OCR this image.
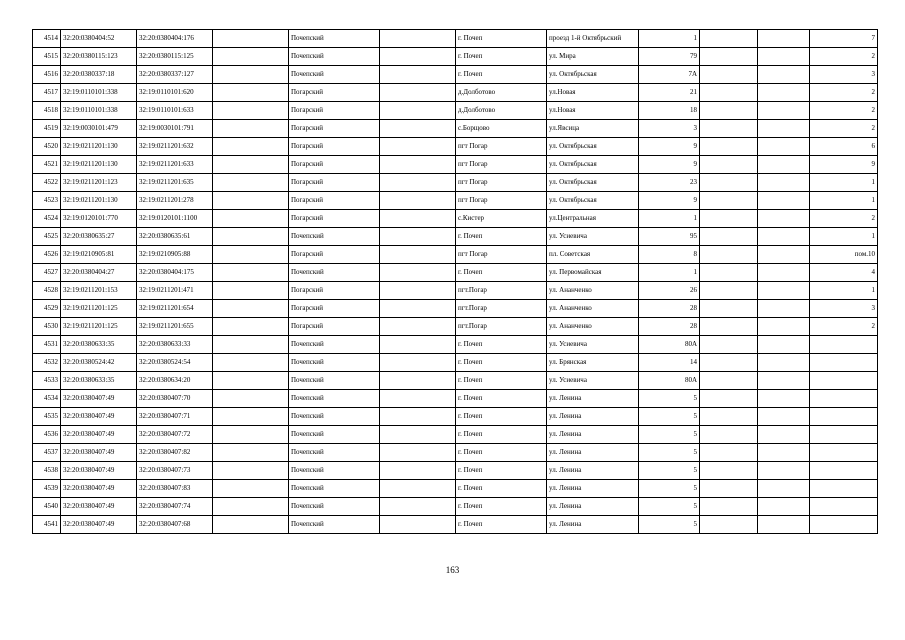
4514	32:20:0380404:52	32:20:0380404:176		Почепский		г. Почеп	проезд 1-й Октябрьский	1			7
4515	32:20:0380115:123	32:20:0380115:125		Почепский		г. Почеп	ул. Мира	79			2
4516	32:20:0380337:18	32:20:0380337:127		Почепский		г. Почеп	ул. Октябрьская	7А			3
4517	32:19:0110101:338	32:19:0110101:620		Погарский		д.Долботово	ул.Новая	21			2
4518	32:19:0110101:338	32:19:0110101:633		Погарский		д.Долботово	ул.Новая	18			2
4519	32:19:0030101:479	32:19:0030101:791		Погарский		с.Борщово	ул.Явсица	3			2
4520	32:19:0211201:130	32:19:0211201:632		Погарский		пгт Погар	ул. Октябрьская	9			6
4521	32:19:0211201:130	32:19:0211201:633		Погарский		пгт Погар	ул. Октябрьская	9			9
4522	32:19:0211201:123	32:19:0211201:635		Погарский		пгт Погар	ул. Октябрьская	23			1
4523	32:19:0211201:130	32:19:0211201:278		Погарский		пгт Погар	ул. Октябрьская	9			1
4524	32:19:0120101:770	32:19:0120101:1100		Погарский		с.Кистер	ул.Центральная	1			2
4525	32:20:0380635:27	32:20:0380635:61		Почепский		г. Почеп	ул. Усиевича	95			1
4526	32:19:0210905:81	32:19:0210905:88		Погарский		пгт Погар	пл. Советская	8			пом.10
4527	32:20:0380404:27	32:20:0380404:175		Почепский		г. Почеп	ул. Первомайская	1			4
4528	32:19:0211201:153	32:19:0211201:471		Погарский		пгт.Погар	ул. Ананченко	26			1
4529	32:19:0211201:125	32:19:0211201:654		Погарский		пгт.Погар	ул. Ананченко	28			3
4530	32:19:0211201:125	32:19:0211201:655		Погарский		пгт.Погар	ул. Ананченко	28			2
4531	32:20:0380633:35	32:20:0380633:33		Почепский		г. Почеп	ул. Усиевича	80А			
4532	32:20:0380524:42	32:20:0380524:54		Почепский		г. Почеп	ул. Брянская	14			
4533	32:20:0380633:35	32:20:0380634:20		Почепский		г. Почеп	ул. Усиевича	80А			
4534	32:20:0380407:49	32:20:0380407:70		Почепский		г. Почеп	ул. Ленина	5			
4535	32:20:0380407:49	32:20:0380407:71		Почепский		г. Почеп	ул. Ленина	5			
4536	32:20:0380407:49	32:20:0380407:72		Почепский		г. Почеп	ул. Ленина	5			
4537	32:20:0380407:49	32:20:0380407:82		Почепский		г. Почеп	ул. Ленина	5			
4538	32:20:0380407:49	32:20:0380407:73		Почепский		г. Почеп	ул. Ленина	5			
4539	32:20:0380407:49	32:20:0380407:83		Почепский		г. Почеп	ул. Ленина	5			
4540	32:20:0380407:49	32:20:0380407:74		Почепский		г. Почеп	ул. Ленина	5			
4541	32:20:0380407:49	32:20:0380407:68		Почепский		г. Почеп	ул. Ленина	5			
163
